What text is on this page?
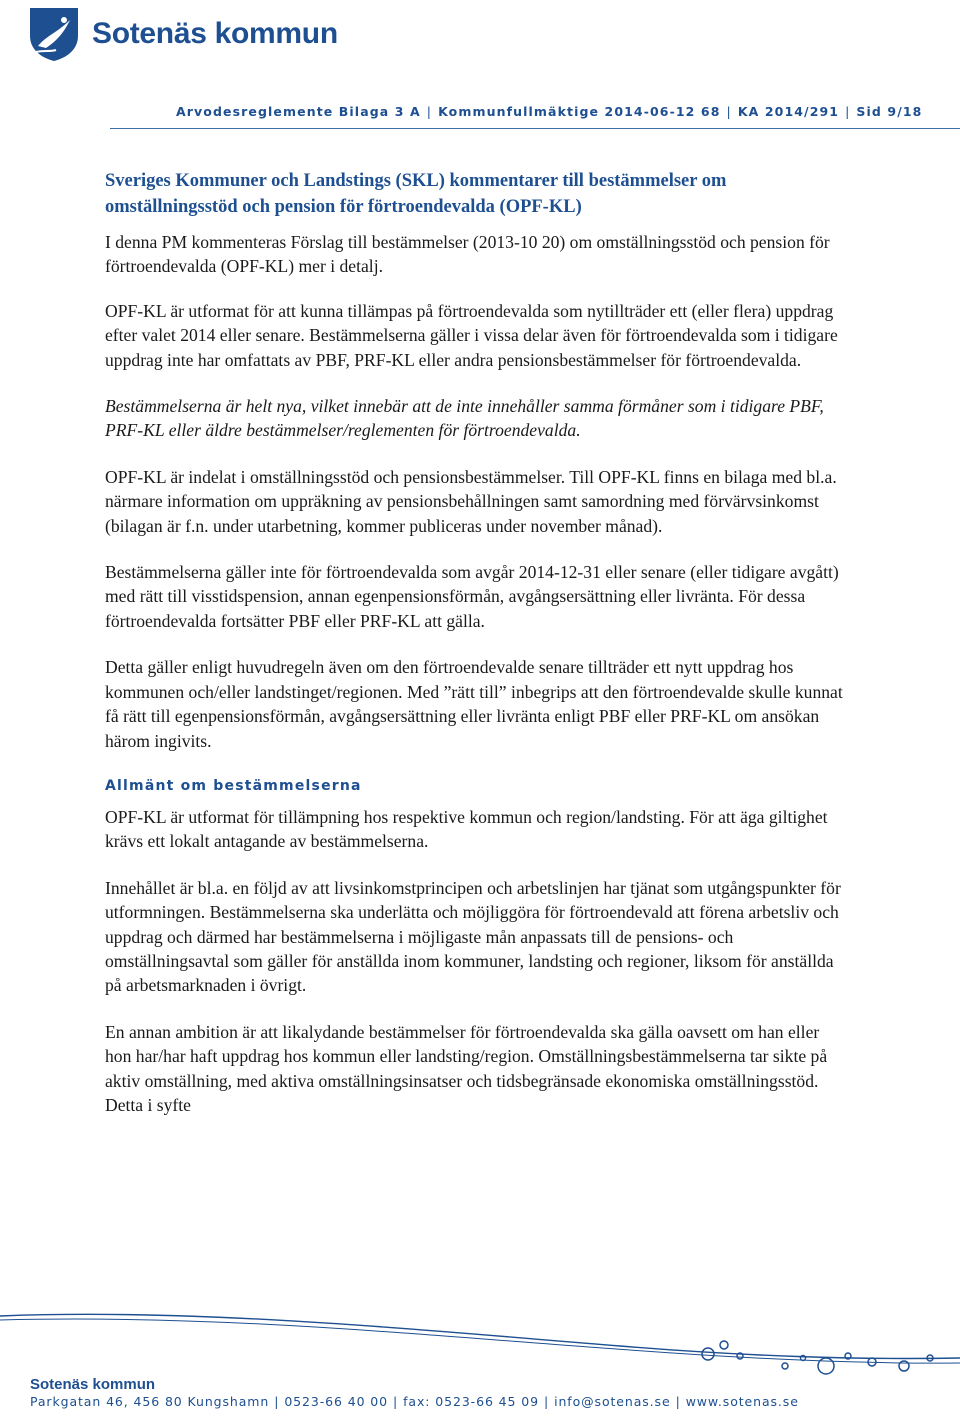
Sotenäs kommun
Arvodesreglemente Bilaga 3 A | Kommunfullmäktige 2014-06-12 68 | KA 2014/291 | Sid 9/18
Sveriges Kommuner och Landstings (SKL) kommentarer till bestämmelser om omställningsstöd och pension för förtroendevalda (OPF-KL)

I denna PM kommenteras Förslag till bestämmelser (2013-10 20) om omställningsstöd och pension för förtroendevalda (OPF-KL) mer i detalj.

OPF-KL är utformat för att kunna tillämpas på förtroendevalda som nytillträder ett (eller flera) uppdrag efter valet 2014 eller senare. Bestämmelserna gäller i vissa delar även för förtroendevalda som i tidigare uppdrag inte har omfattats av PBF, PRF-KL eller andra pensionsbestämmelser för förtroendevalda.

Bestämmelserna är helt nya, vilket innebär att de inte innehåller samma förmåner som i tidigare PBF, PRF-KL eller äldre bestämmelser/reglementen för förtroendevalda.

OPF-KL är indelat i omställningsstöd och pensionsbestämmelser. Till OPF-KL finns en bilaga med bl.a. närmare information om uppräkning av pensionsbehållningen samt samordning med förvärvsinkomst (bilagan är f.n. under utarbetning, kommer publiceras under november månad).

Bestämmelserna gäller inte för förtroendevalda som avgår 2014-12-31 eller senare (eller tidigare avgått) med rätt till visstidspension, annan egenpensionsförmån, avgångsersättning eller livränta. För dessa förtroendevalda fortsätter PBF eller PRF-KL att gälla.

Detta gäller enligt huvudregeln även om den förtroendevalde senare tillträder ett nytt uppdrag hos kommunen och/eller landstinget/regionen. Med ”rätt till” inbegrips att den förtroendevalde skulle kunnat få rätt till egenpensionsförmån, avgångsersättning eller livränta enligt PBF eller PRF-KL om ansökan härom ingivits.

Allmänt om bestämmelserna

OPF-KL är utformat för tillämpning hos respektive kommun och region/landsting. För att äga giltighet krävs ett lokalt antagande av bestämmelserna.

Innehållet är bl.a. en följd av att livsinkomstprincipen och arbetslinjen har tjänat som utgångspunkter för utformningen. Bestämmelserna ska underlätta och möjliggöra för förtroendevald att förena arbetsliv och uppdrag och därmed har bestämmelserna i möjligaste mån anpassats till de pensions- och omställningsavtal som gäller för anställda inom kommuner, landsting och regioner, liksom för anställda på arbetsmarknaden i övrigt.

En annan ambition är att likalydande bestämmelser för förtroendevalda ska gälla oavsett om han eller hon har/har haft uppdrag hos kommun eller landsting/region. Omställningsbestämmelserna tar sikte på aktiv omställning, med aktiva omställningsinsatser och tidsbegränsade ekonomiska omställningsstöd. Detta i syfte

Sotenäs kommun
Parkgatan 46, 456 80 Kungshamn | 0523-66 40 00 | fax: 0523-66 45 09 | info@sotenas.se | www.sotenas.se
